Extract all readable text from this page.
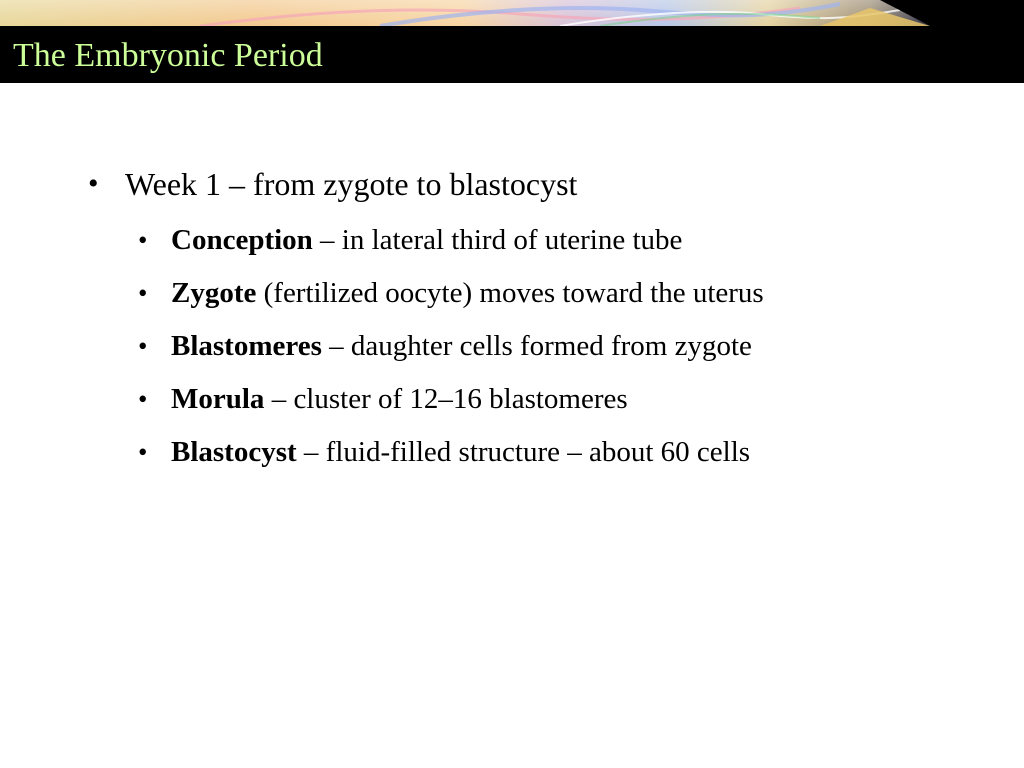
The Embryonic Period
• Week 1 – from zygote to blastocyst
• Conception – in lateral third of uterine tube
• Zygote (fertilized oocyte) moves toward the uterus
• Blastomeres – daughter cells formed from zygote
• Morula – cluster of 12–16 blastomeres
• Blastocyst – fluid-filled structure – about 60 cells
